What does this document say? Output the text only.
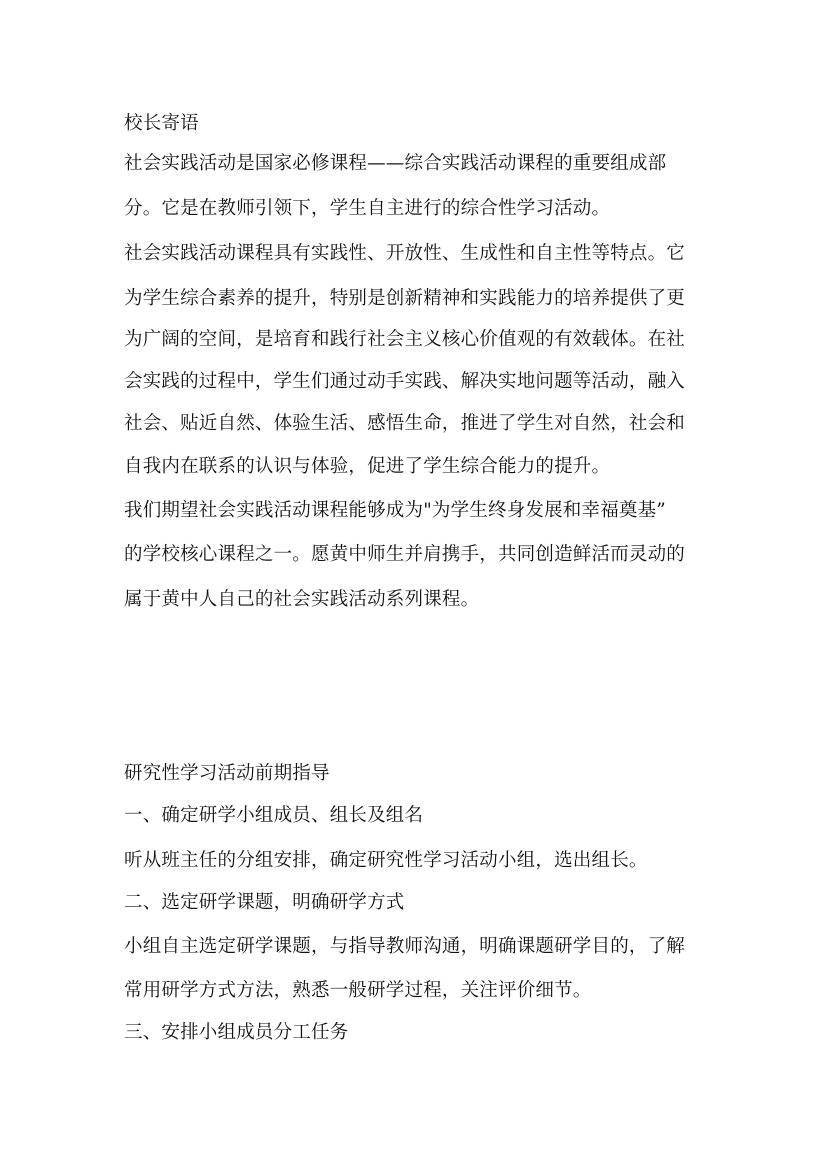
校长寄语
社会实践活动是国家必修课程——综合实践活动课程的重要组成部
分。它是在教师引领下，学生自主进行的综合性学习活动。
社会实践活动课程具有实践性、开放性、生成性和自主性等特点。它
为学生综合素养的提升，特别是创新精神和实践能力的培养提供了更
为广阔的空间，是培育和践行社会主义核心价值观的有效载体。在社
会实践的过程中，学生们通过动手实践、解决实地问题等活动，融入
社会、贴近自然、体验生活、感悟生命，推进了学生对自然，社会和
自我内在联系的认识与体验，促进了学生综合能力的提升。
我们期望社会实践活动课程能够成为"为学生终身发展和幸福奠基”
的学校核心课程之一。愿黄中师生并肩携手，共同创造鲜活而灵动的
属于黄中人自己的社会实践活动系列课程。
研究性学习活动前期指导
一、确定研学小组成员、组长及组名
听从班主任的分组安排，确定研究性学习活动小组，选出组长。
二、选定研学课题，明确研学方式
小组自主选定研学课题，与指导教师沟通，明确课题研学目的，了解
常用研学方式方法，熟悉一般研学过程，关注评价细节。
三、安排小组成员分工任务
